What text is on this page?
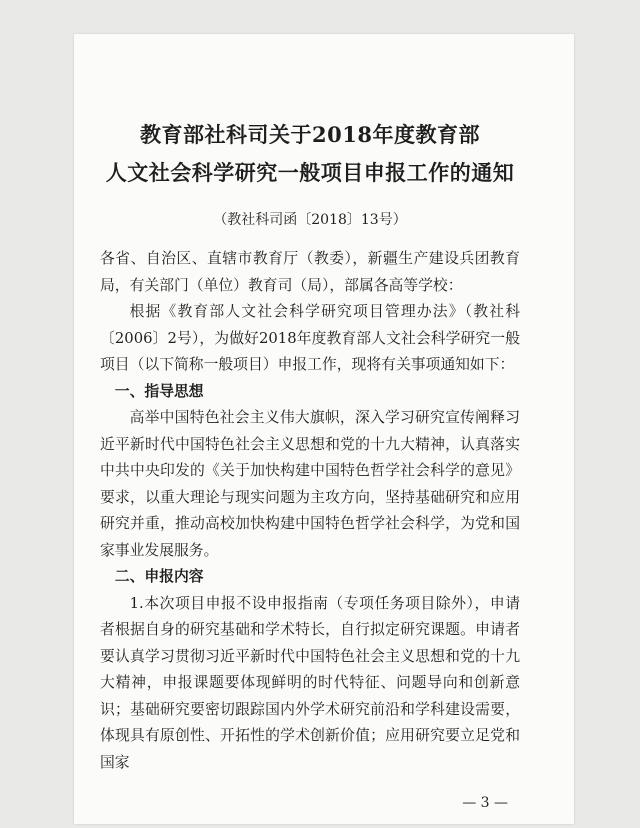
教育部社科司关于2018年度教育部
人文社会科学研究一般项目申报工作的通知
（教社科司函〔2018〕13号）

各省、自治区、直辖市教育厅（教委），新疆生产建设兵团教育局，有关部门（单位）教育司（局），部属各高等学校：

根据《教育部人文社会科学研究项目管理办法》（教社科〔2006〕2号），为做好2018年度教育部人文社会科学研究一般项目（以下简称一般项目）申报工作，现将有关事项通知如下：

一、指导思想

高举中国特色社会主义伟大旗帜，深入学习研究宣传阐释习近平新时代中国特色社会主义思想和党的十九大精神，认真落实中共中央印发的《关于加快构建中国特色哲学社会科学的意见》要求，以重大理论与现实问题为主攻方向，坚持基础研究和应用研究并重，推动高校加快构建中国特色哲学社会科学，为党和国家事业发展服务。

二、申报内容

1.本次项目申报不设申报指南（专项任务项目除外），申请者根据自身的研究基础和学术特长，自行拟定研究课题。申请者要认真学习贯彻习近平新时代中国特色社会主义思想和党的十九大精神，申报课题要体现鲜明的时代特征、问题导向和创新意识；基础研究要密切跟踪国内外学术研究前沿和学科建设需要，体现具有原创性、开拓性的学术创新价值；应用研究要立足党和国家

— 3 —
